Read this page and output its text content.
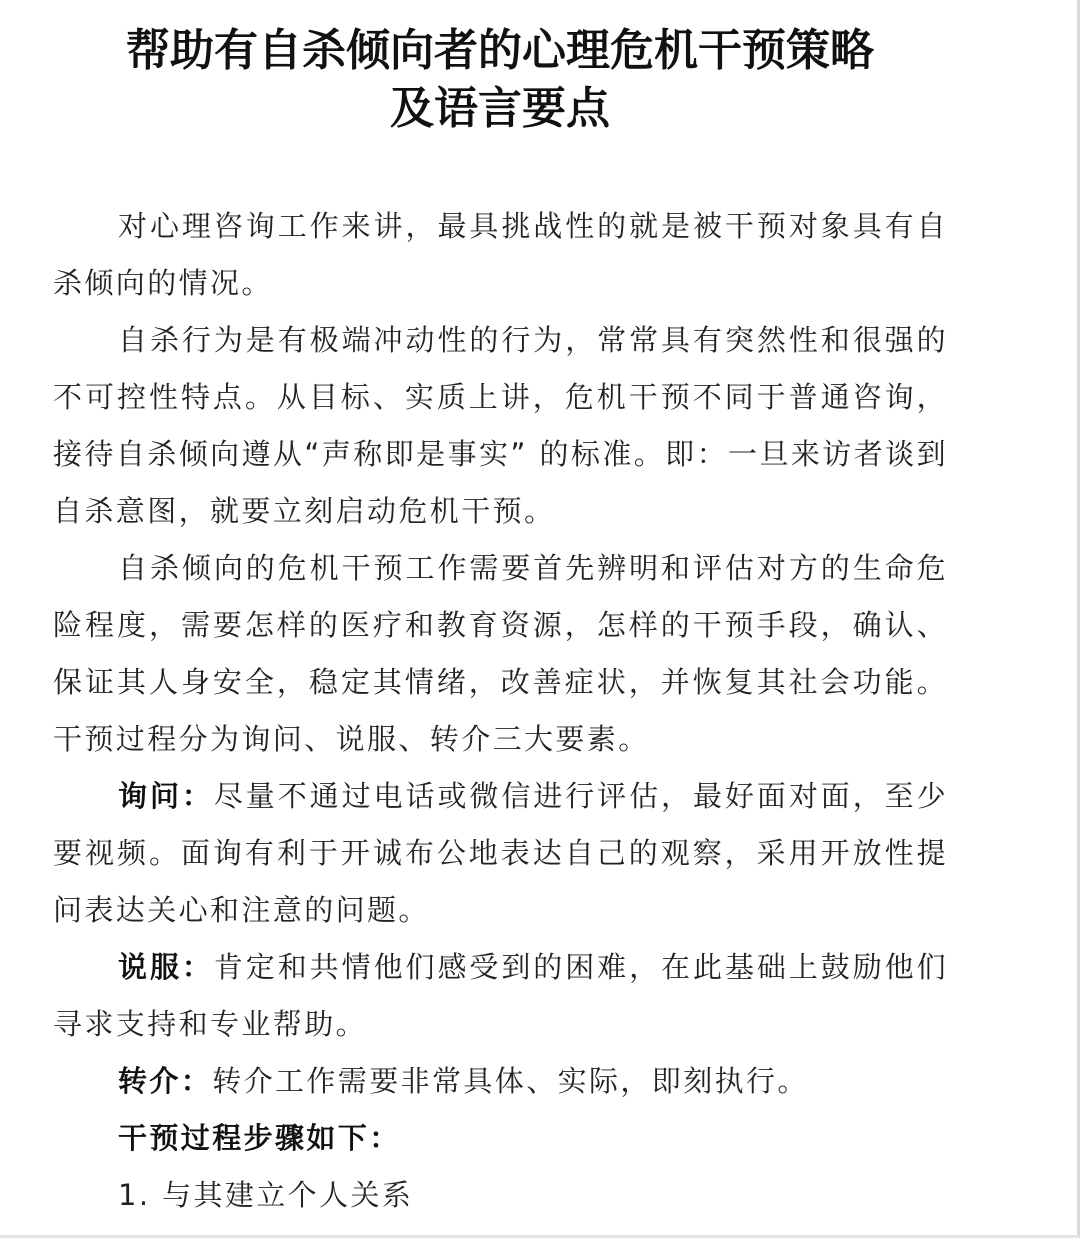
帮助有自杀倾向者的心理危机干预策略
及语言要点

对心理咨询工作来讲，最具挑战性的就是被干预对象具有自杀倾向的情况。

自杀行为是有极端冲动性的行为，常常具有突然性和很强的不可控性特点。从目标、实质上讲，危机干预不同于普通咨询，接待自杀倾向遵从“声称即是事实” 的标准。即：一旦来访者谈到自杀意图，就要立刻启动危机干预。

自杀倾向的危机干预工作需要首先辨明和评估对方的生命危险程度，需要怎样的医疗和教育资源，怎样的干预手段，确认、保证其人身安全，稳定其情绪，改善症状，并恢复其社会功能。干预过程分为询问、说服、转介三大要素。

询问：尽量不通过电话或微信进行评估，最好面对面，至少要视频。面询有利于开诚布公地表达自己的观察，采用开放性提问表达关心和注意的问题。

说服：肯定和共情他们感受到的困难，在此基础上鼓励他们寻求支持和专业帮助。

转介：转介工作需要非常具体、实际，即刻执行。

干预过程步骤如下：

1. 与其建立个人关系
